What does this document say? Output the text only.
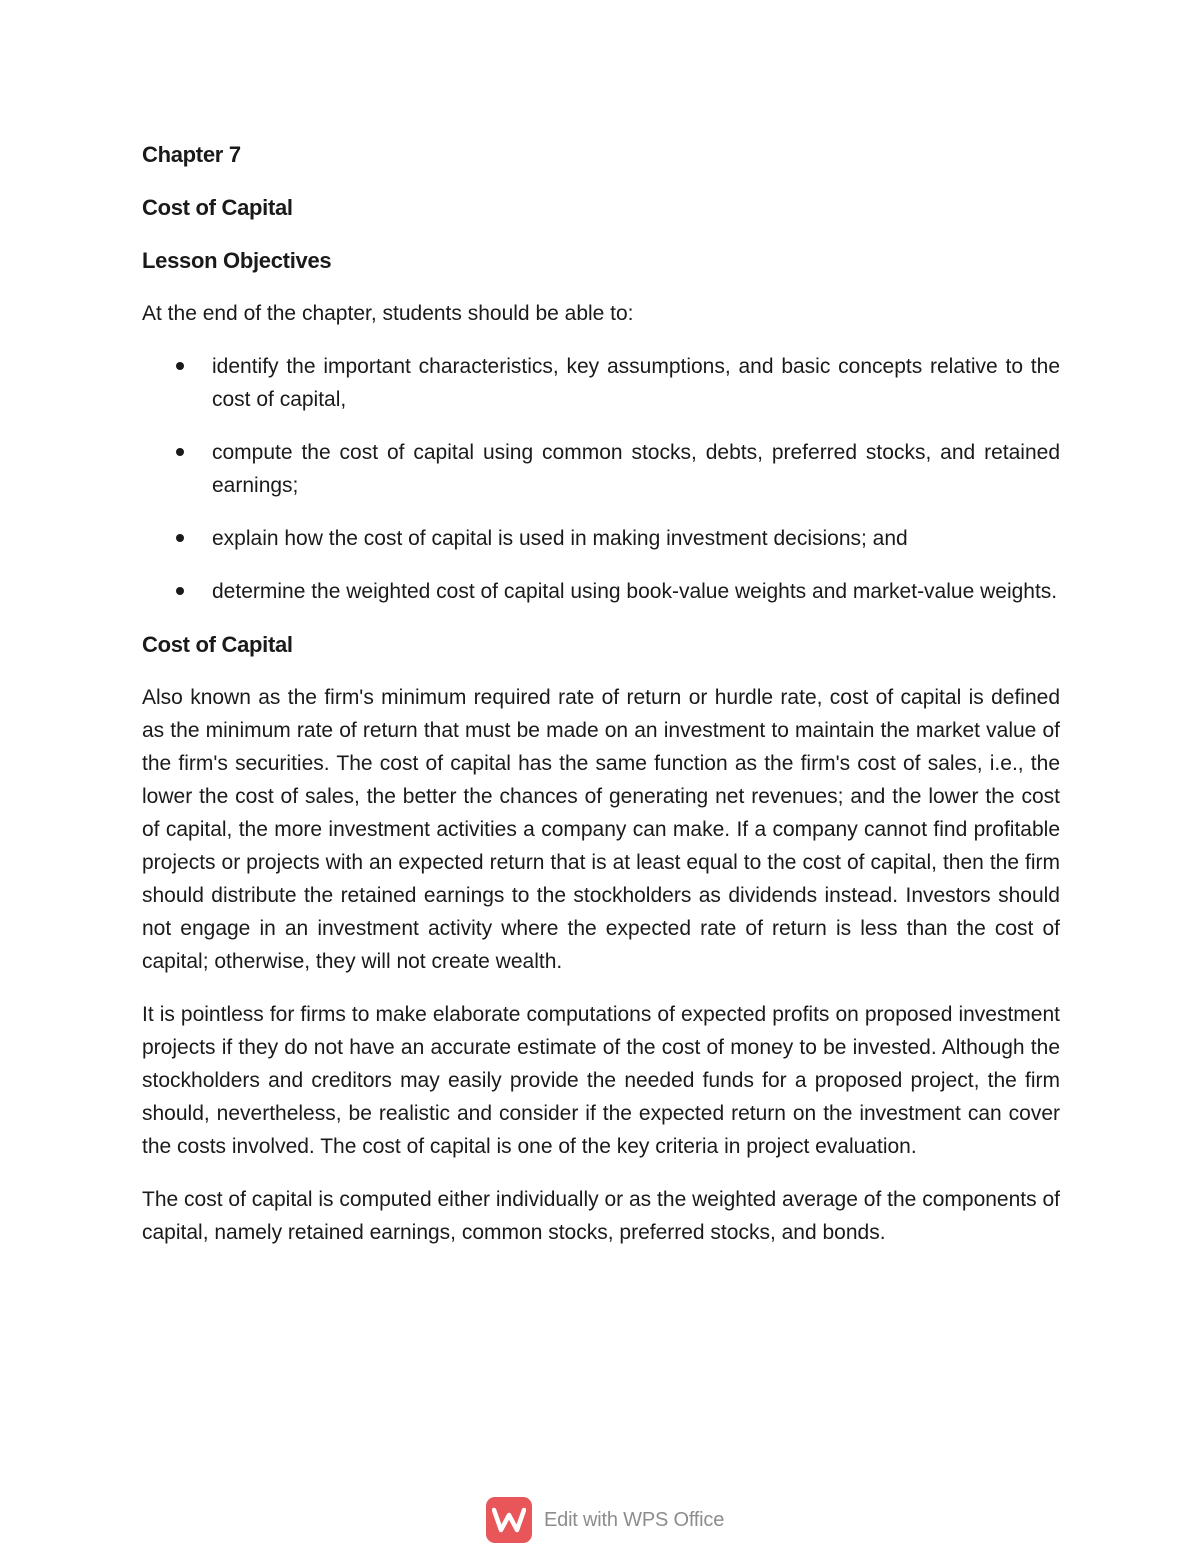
Chapter 7
Cost of Capital
Lesson Objectives
At the end of the chapter, students should be able to:
identify the important characteristics, key assumptions, and basic concepts relative to the cost of capital,
compute the cost of capital using common stocks, debts, preferred stocks, and retained earnings;
explain how the cost of capital is used in making investment decisions; and
determine the weighted cost of capital using book-value weights and market-value weights.
Cost of Capital

Also known as the firm's minimum required rate of return or hurdle rate, cost of capital is defined as the minimum rate of return that must be made on an investment to maintain the market value of the firm's securities. The cost of capital has the same function as the firm's cost of sales, i.e., the lower the cost of sales, the better the chances of generating net revenues; and the lower the cost of capital, the more investment activities a company can make. If a company cannot find profitable projects or projects with an expected return that is at least equal to the cost of capital, then the firm should distribute the retained earnings to the stockholders as dividends instead. Investors should not engage in an investment activity where the expected rate of return is less than the cost of capital; otherwise, they will not create wealth.

It is pointless for firms to make elaborate computations of expected profits on proposed investment projects if they do not have an accurate estimate of the cost of money to be invested. Although the stockholders and creditors may easily provide the needed funds for a proposed project, the firm should, nevertheless, be realistic and consider if the expected return on the investment can cover the costs involved. The cost of capital is one of the key criteria in project evaluation.

The cost of capital is computed either individually or as the weighted average of the components of capital, namely retained earnings, common stocks, preferred stocks, and bonds.

Edit with WPS Office
